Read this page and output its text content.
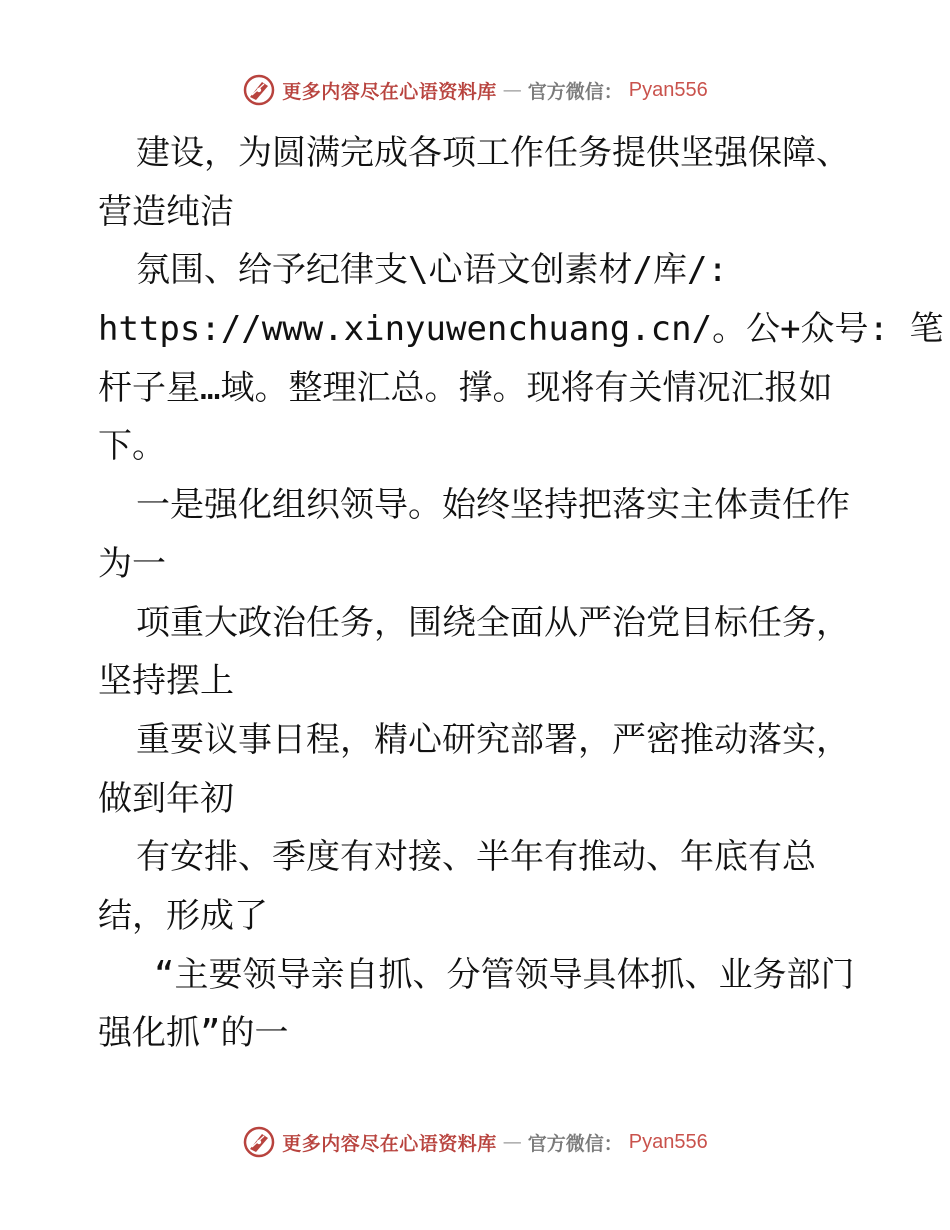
更多内容尽在心语资料库 — 官方微信： Pyan556
建设，为圆满完成各项工作任务提供坚强保障、
营造纯洁
氛围、给予纪律支\心语文创素材/库/:
https://www.xinyuwenchuang.cn/。公+众号: 笔
杆子星…域。整理汇总。撑。现将有关情况汇报如
下。
一是强化组织领导。始终坚持把落实主体责任作
为一
项重大政治任务，围绕全面从严治党目标任务，
坚持摆上
重要议事日程，精心研究部署，严密推动落实，
做到年初
有安排、季度有对接、半年有推动、年底有总
结，形成了
“主要领导亲自抓、分管领导具体抓、业务部门
强化抓”的一
更多内容尽在心语资料库 — 官方微信： Pyan556
